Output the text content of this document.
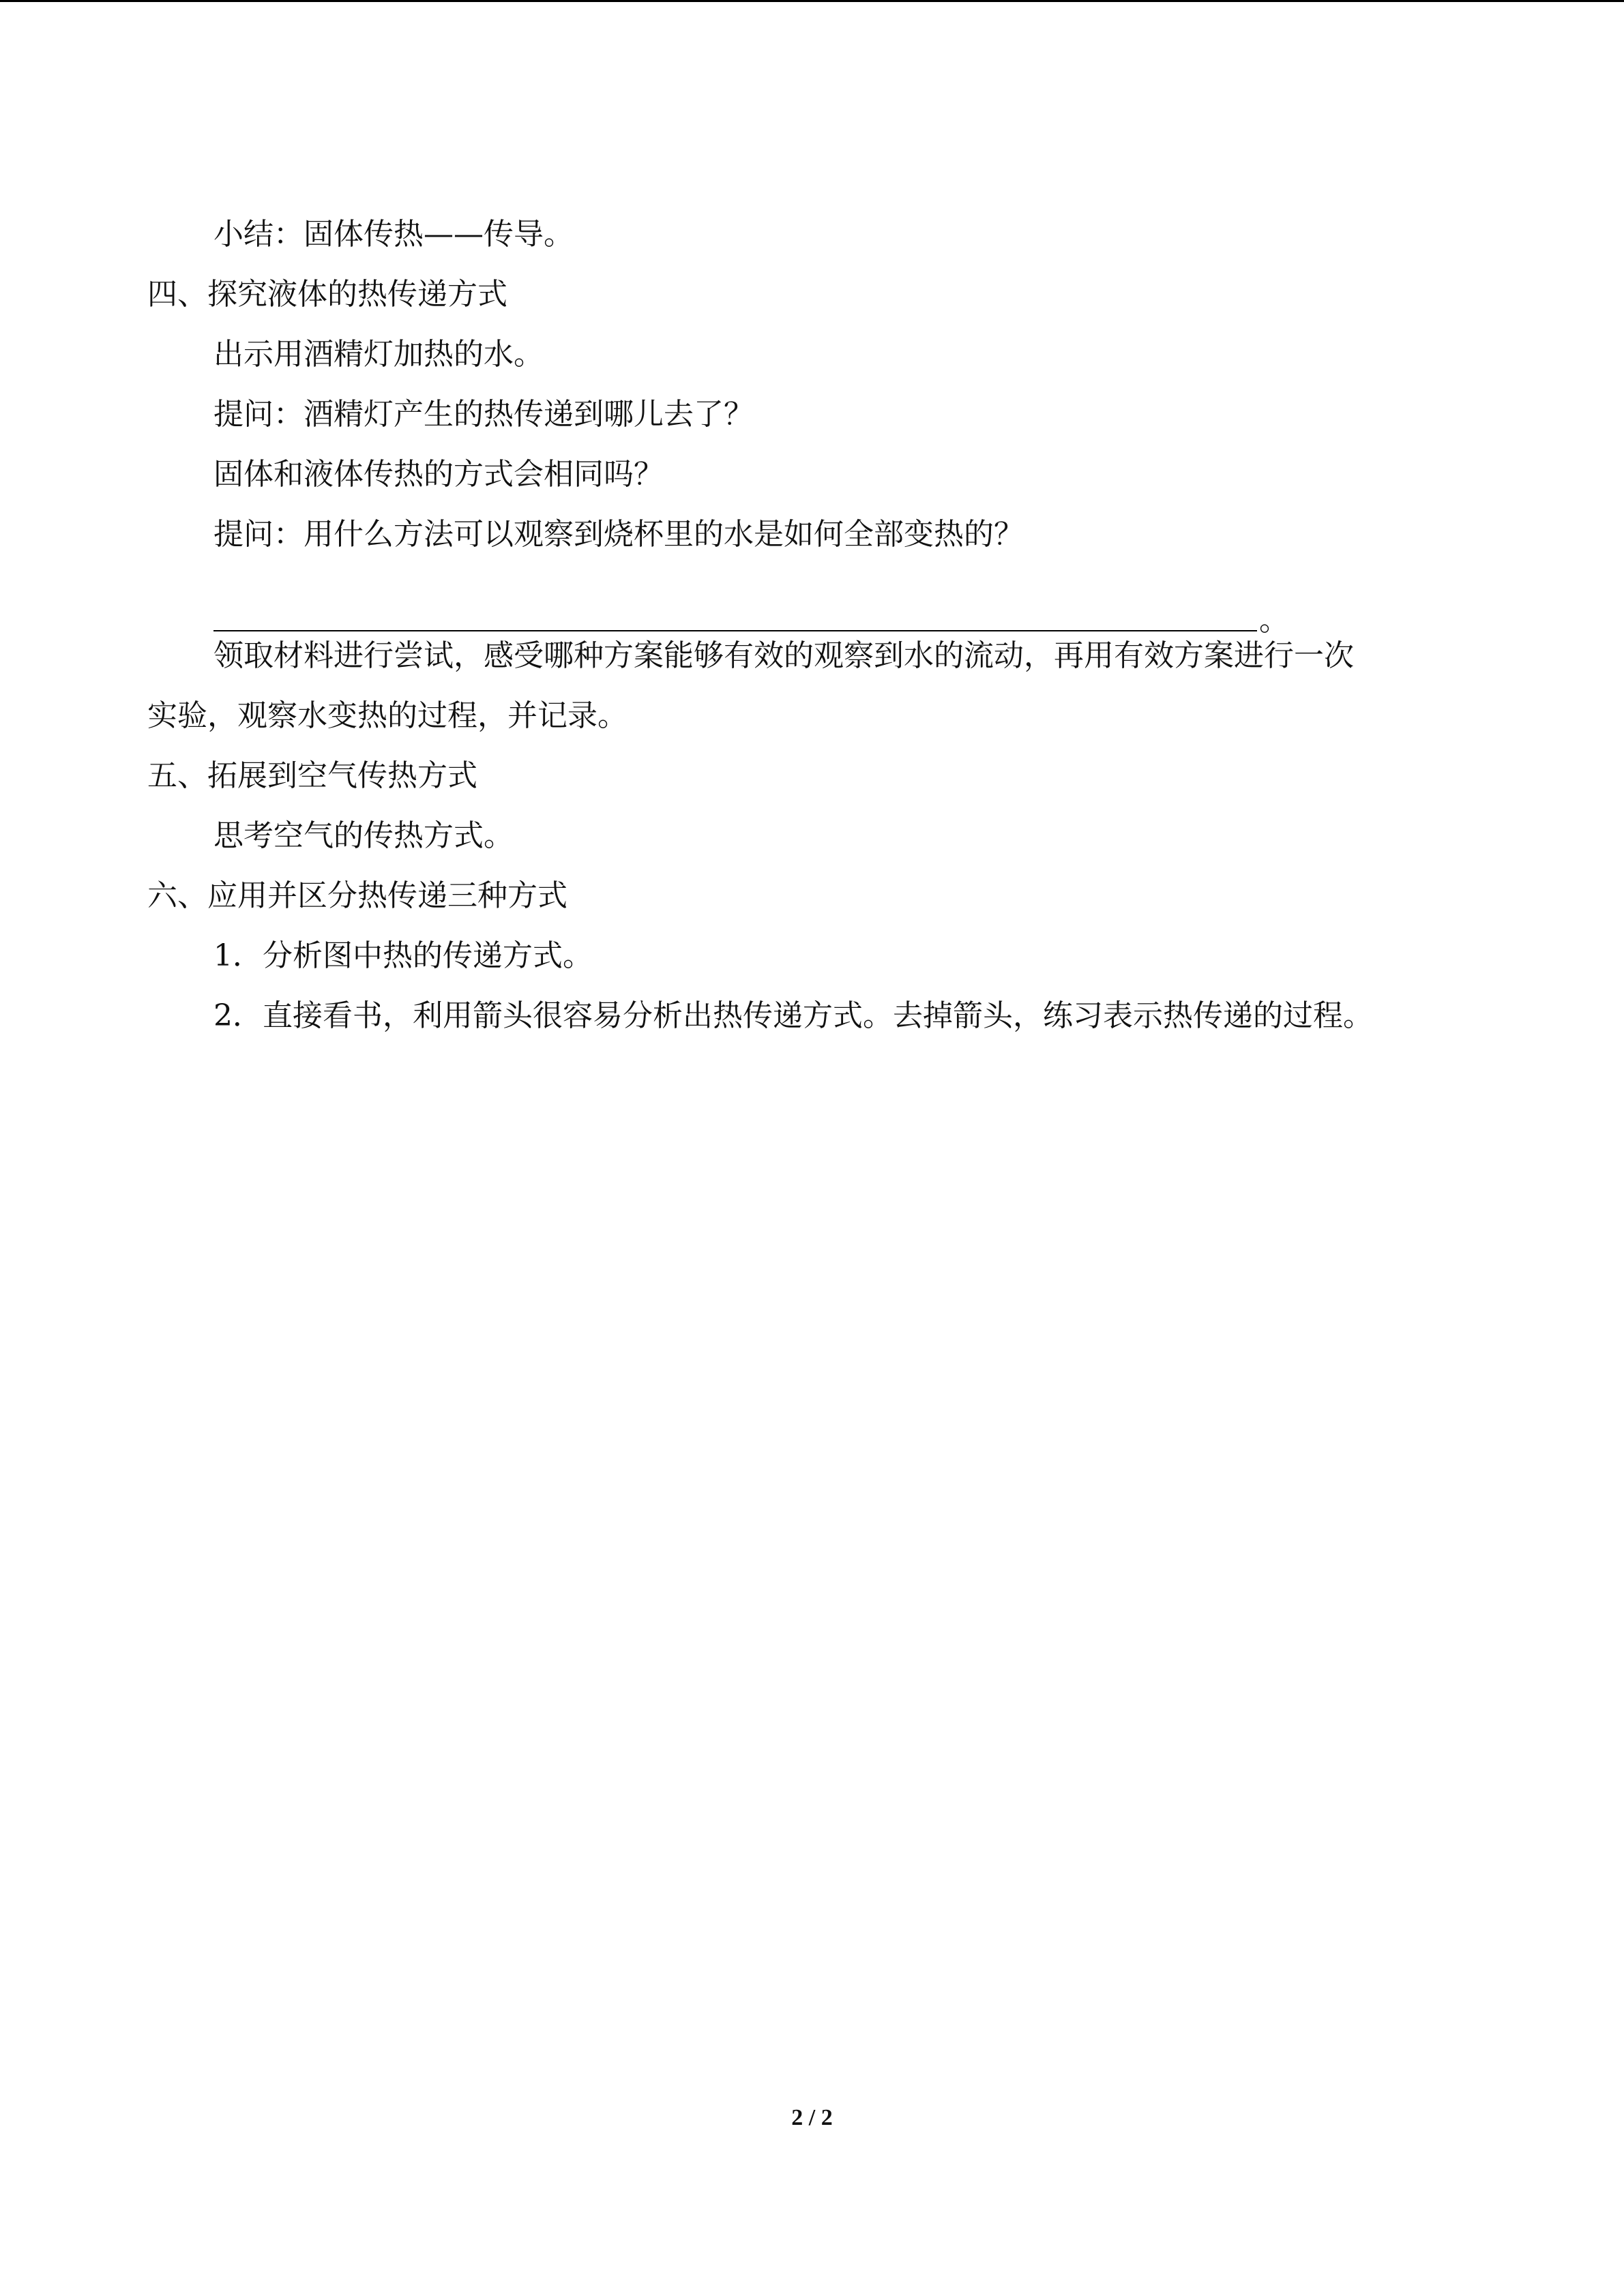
小结：固体传热——传导。
四、探究液体的热传递方式
出示用酒精灯加热的水。
提问：酒精灯产生的热传递到哪儿去了？
固体和液体传热的方式会相同吗？
提问：用什么方法可以观察到烧杯里的水是如何全部变热的？
。
领取材料进行尝试，感受哪种方案能够有效的观察到水的流动，再用有效方案进行一次
实验，观察水变热的过程，并记录。
五、拓展到空气传热方式
思考空气的传热方式。
六、应用并区分热传递三种方式
1．分析图中热的传递方式。
2．直接看书，利用箭头很容易分析出热传递方式。去掉箭头，练习表示热传递的过程。
2 / 2
